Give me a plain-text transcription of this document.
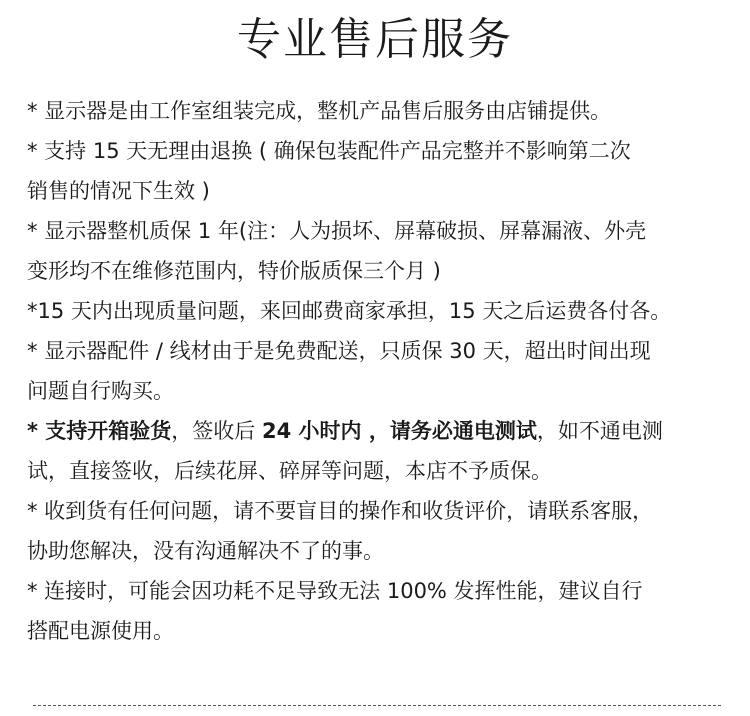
专业售后服务
* 显示器是由工作室组装完成，整机产品售后服务由店铺提供。
* 支持 15 天无理由退换 ( 确保包装配件产品完整并不影响第二次
销售的情况下生效 )
* 显示器整机质保 1 年(注：人为损坏、屏幕破损、屏幕漏液、外壳
变形均不在维修范围内，特价版质保三个月 )
*15 天内出现质量问题，来回邮费商家承担，15 天之后运费各付各。
* 显示器配件 / 线材由于是免费配送，只质保 30 天，超出时间出现
问题自行购买。
* 支持开箱验货，签收后 24 小时内 ，请务必通电测试，如不通电测
试，直接签收，后续花屏、碎屏等问题，本店不予质保。
* 收到货有任何问题，请不要盲目的操作和收货评价，请联系客服，
协助您解决，没有沟通解决不了的事。
* 连接时，可能会因功耗不足导致无法 100% 发挥性能，建议自行
搭配电源使用。
